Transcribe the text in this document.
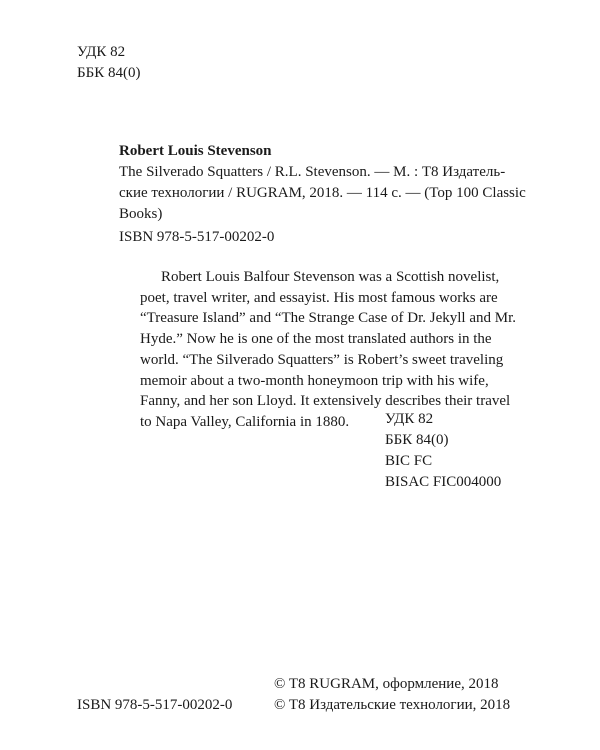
УДК 82
ББК 84(0)
Robert Louis Stevenson
The Silverado Squatters / R.L. Stevenson. — М. : T8 Издатель-
ские технологии / RUGRAM, 2018. — 114 с. — (Top 100 Classic
Books)
ISBN 978-5-517-00202-0
Robert Louis Balfour Stevenson was a Scottish novelist,
poet, travel writer, and essayist. His most famous works are
“Treasure Island” and “The Strange Case of Dr. Jekyll and Mr.
Hyde.” Now he is one of the most translated authors in the
world. “The Silverado Squatters” is Robert’s sweet traveling
memoir about a two-month honeymoon trip with his wife,
Fanny, and her son Lloyd. It extensively describes their travel
to Napa Valley, California in 1880.	УДК 82
ББК 84(0)
BIC FC
BISAC FIC004000
ISBN 978-5-517-00202-0
© T8 RUGRAM, оформление, 2018
© T8 Издательские технологии, 2018
